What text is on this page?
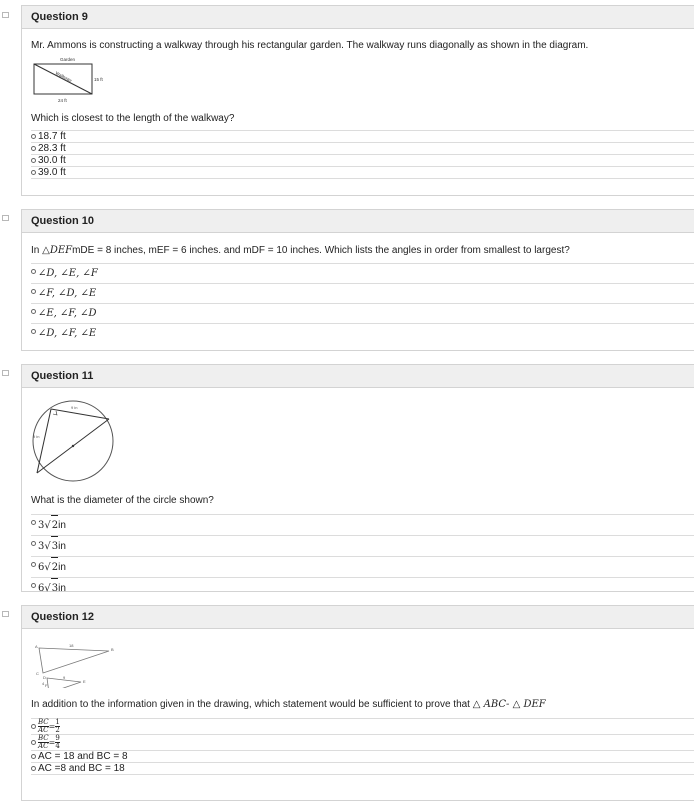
Question 9
Mr. Ammons is constructing a walkway through his rectangular garden. The walkway runs diagonally as shown in the diagram.
Garden
Walkway	15 ft
24 ft
Which is closest to the length of the walkway?
18.7 ft
28.3 ft
30.0 ft
39.0 ft
Question 10
In △DEFmDE = 8 inches, mEF = 6 inches. and mDF = 10 inches. Which lists the angles in order from smallest to largest?
∠D, ∠E, ∠F
∠F, ∠D, ∠E
∠E, ∠F, ∠D
∠D, ∠F, ∠E
Question 11
9 in
9 in
What is the diameter of the circle shown?
3√2in
3√3in
6√2in
6√3in
Question 12
18
A
B
C
D
E
F
9
4
In addition to the information given in the drawing, which statement would be sufficient to prove that △ ABC- △ DEF
$\frac{BC}{AC} = \frac{1}{2}$
$\frac{BC}{AC} = \frac{9}{4}$
AC = 18 and BC = 8
AC =8 and BC = 18
